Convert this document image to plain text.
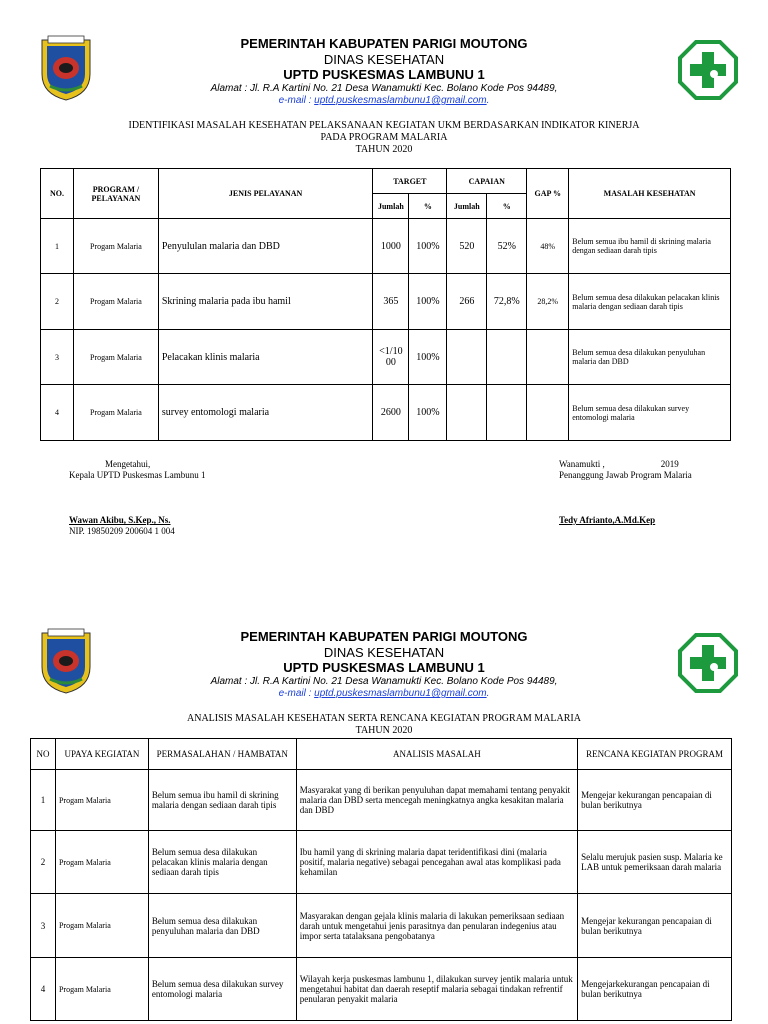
PEMERINTAH KABUPATEN PARIGI MOUTONG
DINAS KESEHATAN
UPTD PUSKESMAS LAMBUNU 1
Alamat : Jl. R.A Kartini No. 21 Desa Wanamukti Kec. Bolano Kode Pos 94489,
e-mail : uptd.puskesmaslambunu1@gmail.com.
IDENTIFIKASI MASALAH KESEHATAN PELAKSANAAN KEGIATAN UKM BERDASARKAN INDIKATOR KINERJA
PADA PROGRAM MALARIA
TAHUN 2020
NO.	PROGRAM / PELAYANAN	JENIS PELAYANAN	TARGET		CAPAIAN		GAP %	MASALAH KESEHATAN
			Jumlah	%	Jumlah	%		
1	Progam Malaria	Penyululan malaria dan DBD	1000	100%	520	52%	48%	Belum semua ibu hamil di skrining malaria dengan sediaan darah tipis
2	Progam Malaria	Skrining malaria pada ibu hamil	365	100%	266	72,8%	28,2%	Belum semua desa dilakukan pelacakan klinis malaria dengan sediaan darah tipis
3	Progam Malaria	Pelacakan klinis malaria	<1/10 00	100%				Belum semua desa dilakukan penyuluhan malaria dan DBD
4	Progam Malaria	survey entomologi malaria	2600	100%				Belum semua desa dilakukan survey entomologi malaria
Mengetahui,
Kepala UPTD Puskesmas Lambunu 1
Wawan Akibu, S.Kep., Ns.
NIP. 19850209 200604 1 004
Wanamukti ,	2019
Penanggung Jawab Program Malaria
Tedy Afrianto,A.Md.Kep
PEMERINTAH KABUPATEN PARIGI MOUTONG
DINAS KESEHATAN
UPTD PUSKESMAS LAMBUNU 1
Alamat : Jl. R.A Kartini No. 21 Desa Wanamukti Kec. Bolano Kode Pos 94489,
e-mail : uptd.puskesmaslambunu1@gmail.com.
ANALISIS MASALAH KESEHATAN SERTA RENCANA KEGIATAN PROGRAM MALARIA
TAHUN 2020
NO	UPAYA KEGIATAN	PERMASALAHAN / HAMBATAN	ANALISIS MASALAH	RENCANA KEGIATAN PROGRAM
1	Progam Malaria	Belum semua ibu hamil di skrining malaria dengan sediaan darah tipis	Masyarakat yang di berikan penyuluhan dapat memahami tentang penyakit malaria dan DBD serta mencegah meningkatnya angka kesakitan malaria dan DBD	Mengejar kekurangan pencapaian di bulan berikutnya
2	Progam Malaria	Belum semua desa dilakukan pelacakan klinis malaria dengan sediaan darah tipis	Ibu hamil yang di skrining malaria dapat teridentifikasi dini (malaria positif, malaria negative) sebagai pencegahan awal atas komplikasi pada kehamilan	Selalu merujuk pasien susp. Malaria ke LAB untuk pemeriksaan darah malaria
3	Progam Malaria	Belum semua desa dilakukan penyuluhan malaria dan DBD	Masyarakan dengan gejala klinis malaria di lakukan pemeriksaan sediaan darah untuk mengetahui jenis parasitnya dan penularan indegenius atau impor serta tatalaksana pengobatanya	Mengejar kekurangan pencapaian di bulan berikutnya
4	Progam Malaria	Belum semua desa dilakukan survey entomologi malaria	Wilayah kerja puskesmas lambunu 1, dilakukan survey jentik malaria untuk mengetahui habitat dan daerah reseptif malaria sebagai tindakan refrentif penularan penyakit malaria	Mengejarkekurangan pencapaian di bulan berikutnya
